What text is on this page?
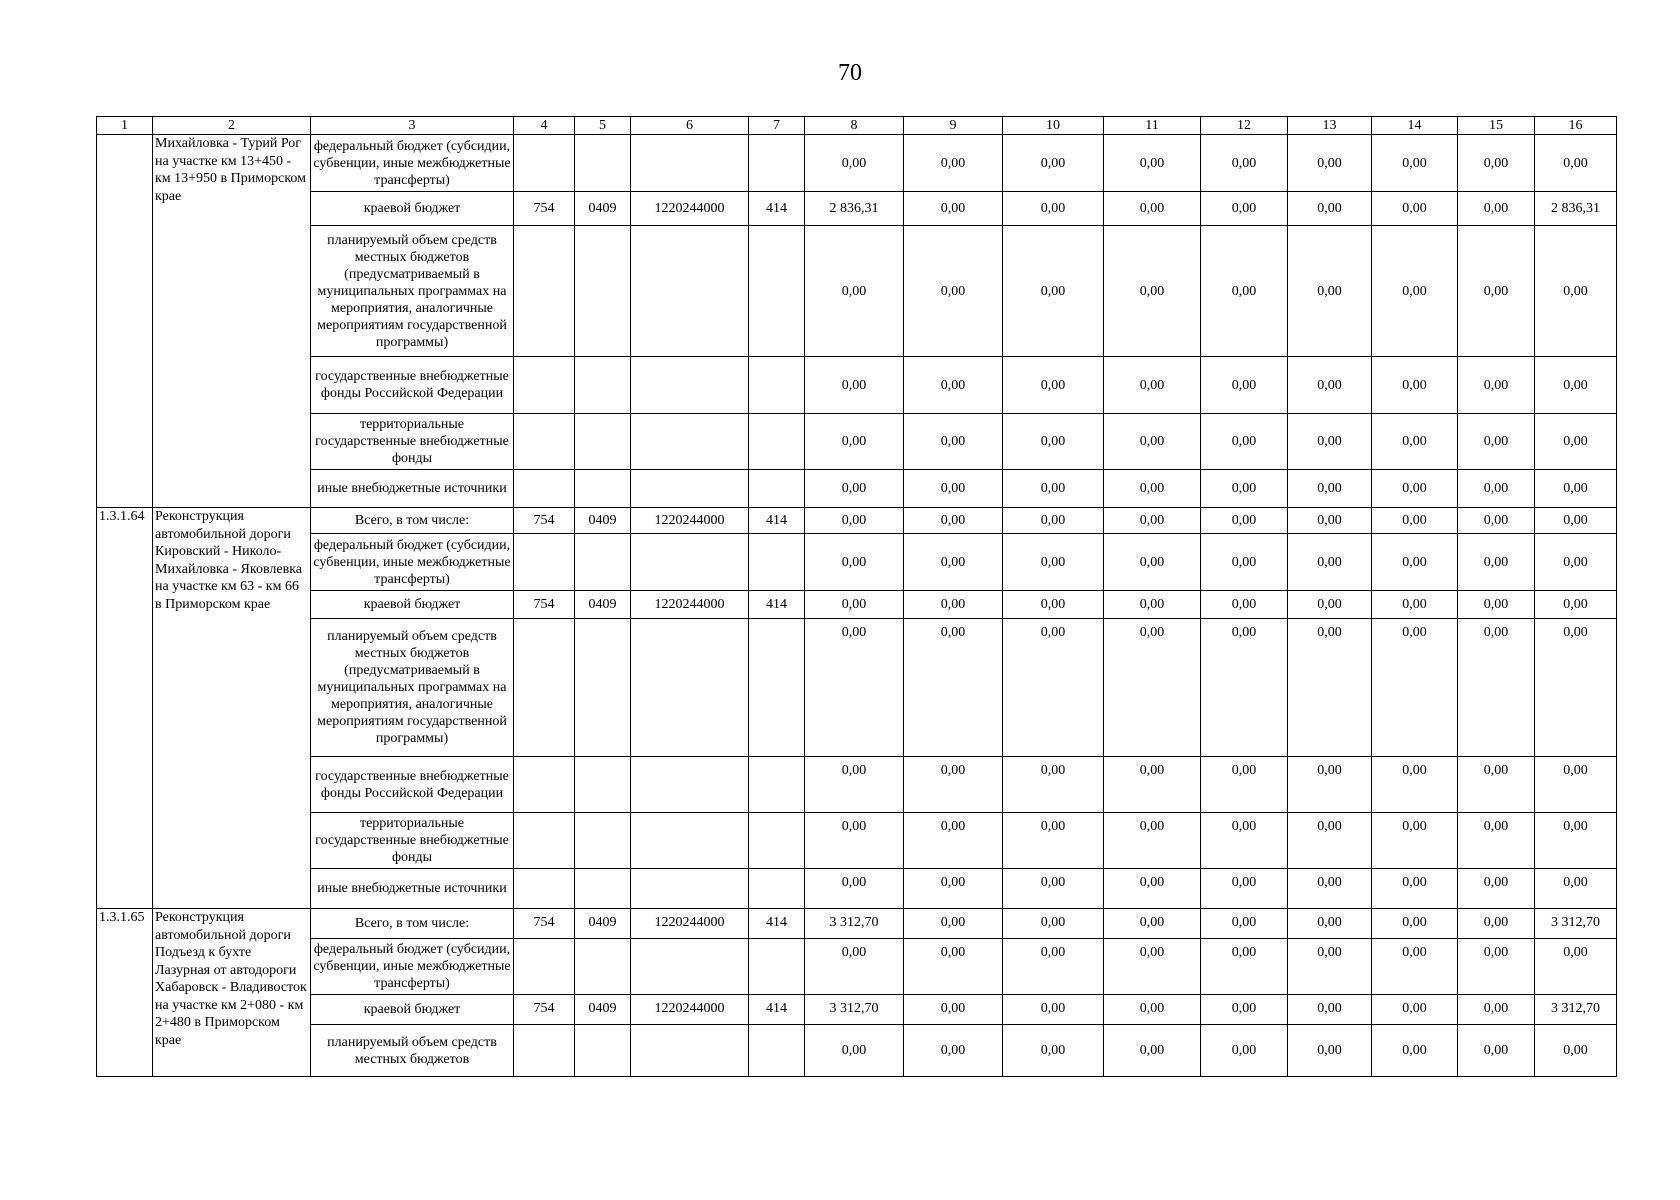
70
1	2	3	4	5	6	7	8	9	10	11	12	13	14	15	16
	Михайловка - Турий Рог на участке км 13+450 - км 13+950 в Приморском крае	федеральный бюджет (субсидии, субвенции, иные межбюджетные трансферты)					0,00	0,00	0,00	0,00	0,00	0,00	0,00	0,00	0,00
		краевой бюджет	754	0409	1220244000	414	2 836,31	0,00	0,00	0,00	0,00	0,00	0,00	0,00	2 836,31
		планируемый объем средств местных бюджетов (предусматриваемый в муниципальных программах на мероприятия, аналогичные мероприятиям государственной программы)					0,00	0,00	0,00	0,00	0,00	0,00	0,00	0,00	0,00
		государственные внебюджетные фонды Российской Федерации					0,00	0,00	0,00	0,00	0,00	0,00	0,00	0,00	0,00
		территориальные государственные внебюджетные фонды					0,00	0,00	0,00	0,00	0,00	0,00	0,00	0,00	0,00
		иные внебюджетные источники					0,00	0,00	0,00	0,00	0,00	0,00	0,00	0,00	0,00
1.3.1.64	Реконструкция автомобильной дороги Кировский - Николо-Михайловка - Яковлевка на участке км 63 - км 66 в Приморском крае	Всего, в том числе:	754	0409	1220244000	414	0,00	0,00	0,00	0,00	0,00	0,00	0,00	0,00	0,00
		федеральный бюджет (субсидии, субвенции, иные межбюджетные трансферты)					0,00	0,00	0,00	0,00	0,00	0,00	0,00	0,00	0,00
		краевой бюджет	754	0409	1220244000	414	0,00	0,00	0,00	0,00	0,00	0,00	0,00	0,00	0,00
		планируемый объем средств местных бюджетов (предусматриваемый в муниципальных программах на мероприятия, аналогичные мероприятиям государственной программы)					0,00	0,00	0,00	0,00	0,00	0,00	0,00	0,00	0,00
		государственные внебюджетные фонды Российской Федерации					0,00	0,00	0,00	0,00	0,00	0,00	0,00	0,00	0,00
		территориальные государственные внебюджетные фонды					0,00	0,00	0,00	0,00	0,00	0,00	0,00	0,00	0,00
		иные внебюджетные источники					0,00	0,00	0,00	0,00	0,00	0,00	0,00	0,00	0,00
1.3.1.65	Реконструкция автомобильной дороги Подъезд к бухте Лазурная от автодороги Хабаровск - Владивосток на участке км 2+080 - км 2+480 в Приморском крае	Всего, в том числе:	754	0409	1220244000	414	3 312,70	0,00	0,00	0,00	0,00	0,00	0,00	0,00	3 312,70
		федеральный бюджет (субсидии, субвенции, иные межбюджетные трансферты)					0,00	0,00	0,00	0,00	0,00	0,00	0,00	0,00	0,00
		краевой бюджет	754	0409	1220244000	414	3 312,70	0,00	0,00	0,00	0,00	0,00	0,00	0,00	3 312,70
		планируемый объем средств местных бюджетов					0,00	0,00	0,00	0,00	0,00	0,00	0,00	0,00	0,00
